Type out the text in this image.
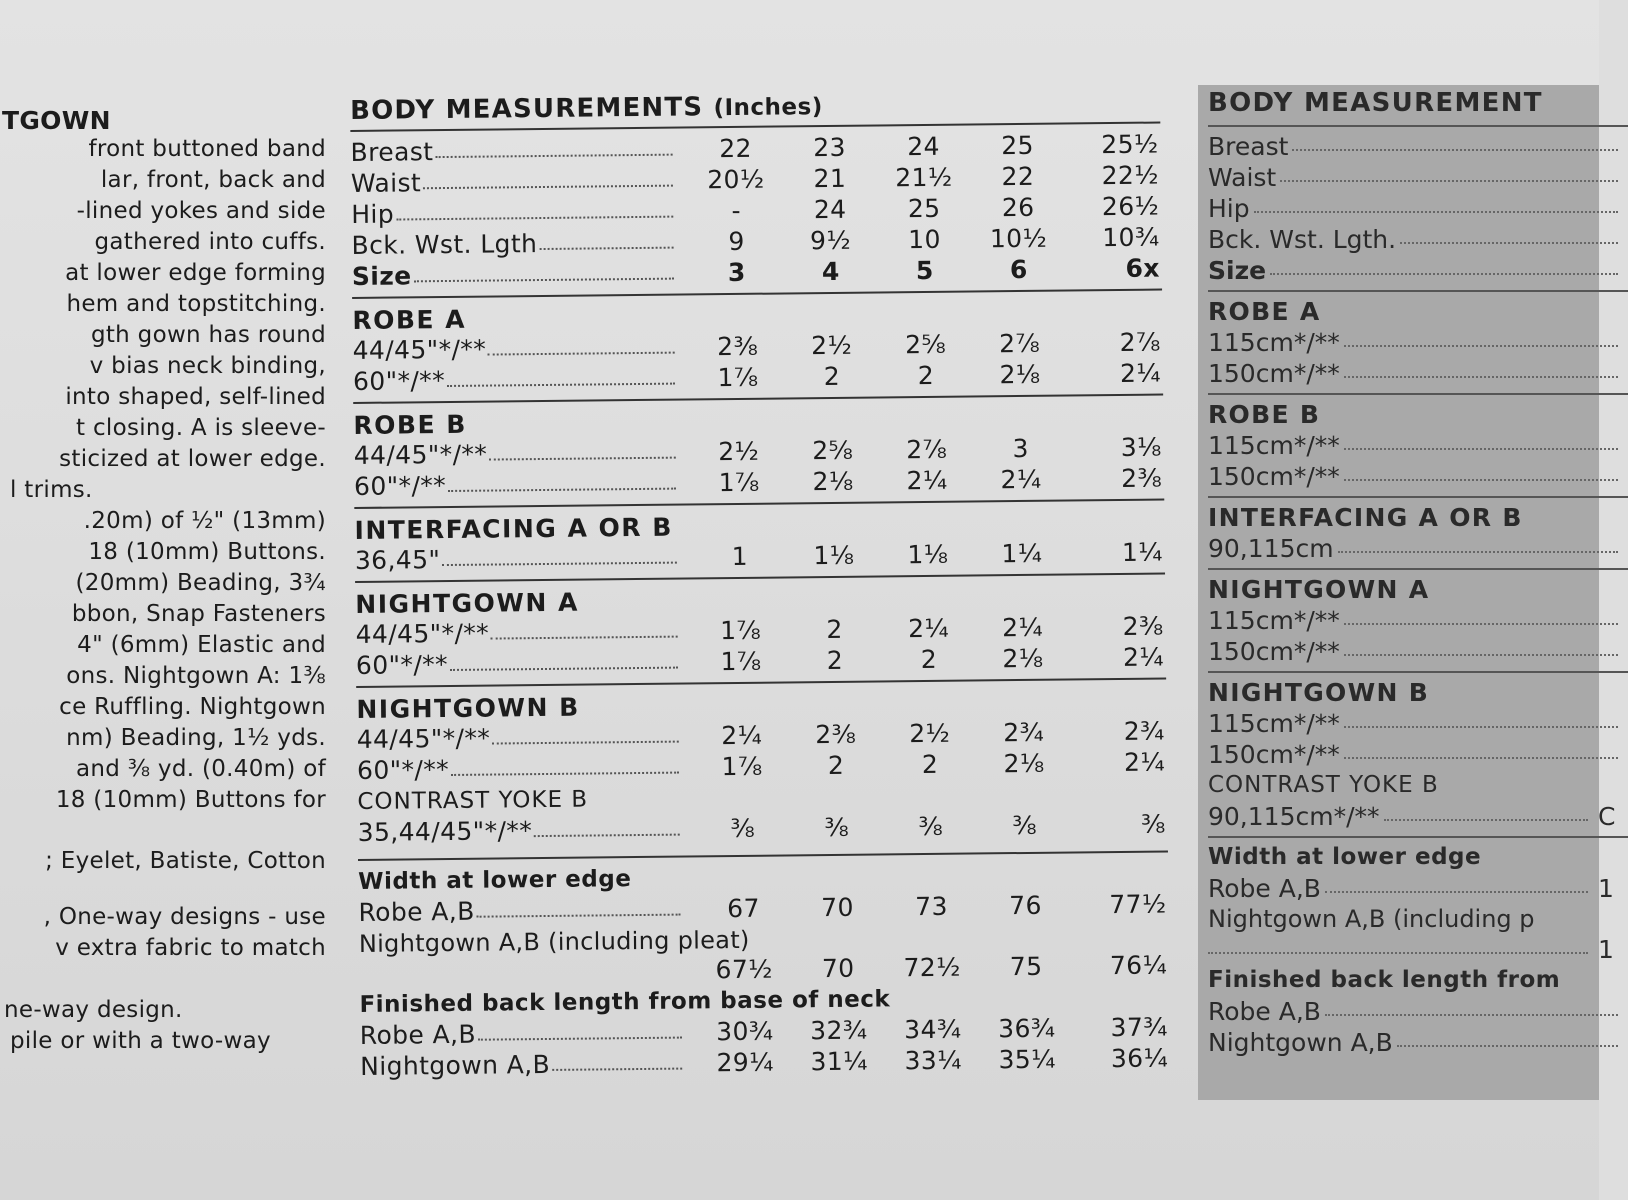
TGOWN
front buttoned band
lar, front, back and
-lined yokes and side
gathered into cuffs.
at lower edge forming
hem and topstitching.
gth gown has round
v bias neck binding,
into shaped, self-lined
t closing. A is sleeve-
sticized at lower edge.
l trims.
.20m) of ½" (13mm)
18 (10mm) Buttons.
(20mm) Beading, 3¾
bbon, Snap Fasteners
4" (6mm) Elastic and
ons. Nightgown A: 1⅜
ce Ruffling. Nightgown
nm) Beading, 1½ yds.
and ⅜ yd. (0.40m) of
18 (10mm) Buttons for
; Eyelet, Batiste, Cotton
, One-way designs - use
v extra fabric to match
ne-way design.
pile or with a two-way
BODY MEASUREMENTS (Inches)
Breast	22	23	24	25	25½
Waist	20½	21	21½	22	22½
Hip	-	24	25	26	26½
Bck. Wst. Lgth	9	9½	10	10½	10¾
Size	3	4	5	6	6x
ROBE A
44/45"*/**	2⅜	2½	2⅝	2⅞	2⅞
60"*/**	1⅞	2	2	2⅛	2¼
ROBE B
44/45"*/**	2½	2⅝	2⅞	3	3⅛
60"*/**	1⅞	2⅛	2¼	2¼	2⅜
INTERFACING A OR B
36,45"	1	1⅛	1⅛	1¼	1¼
NIGHTGOWN A
44/45"*/**	1⅞	2	2¼	2¼	2⅜
60"*/**	1⅞	2	2	2⅛	2¼
NIGHTGOWN B
44/45"*/**	2¼	2⅜	2½	2¾	2¾
60"*/**	1⅞	2	2	2⅛	2¼
CONTRAST YOKE B
35,44/45"*/**	⅜	⅜	⅜	⅜	⅜
Width at lower edge
Robe A,B	67	70	73	76	77½
Nightgown A,B (including pleat)
67½	70	72½	75	76¼
Finished back length from base of neck
Robe A,B	30¾	32¾	34¾	36¾	37¾
Nightgown A,B	29¼	31¼	33¼	35¼	36¼
BODY MEASUREMENT
Breast
Waist
Hip
Bck. Wst. Lgth.
Size
ROBE A
115cm*/**
150cm*/**
ROBE B
115cm*/**
150cm*/**
INTERFACING A OR B
90,115cm
NIGHTGOWN A
115cm*/**
150cm*/**
NIGHTGOWN B
115cm*/**
150cm*/**
CONTRAST YOKE B
90,115cm*/**	C
Width at lower edge
Robe A,B	1
Nightgown A,B (including p
1
Finished back length from
Robe A,B
Nightgown A,B
